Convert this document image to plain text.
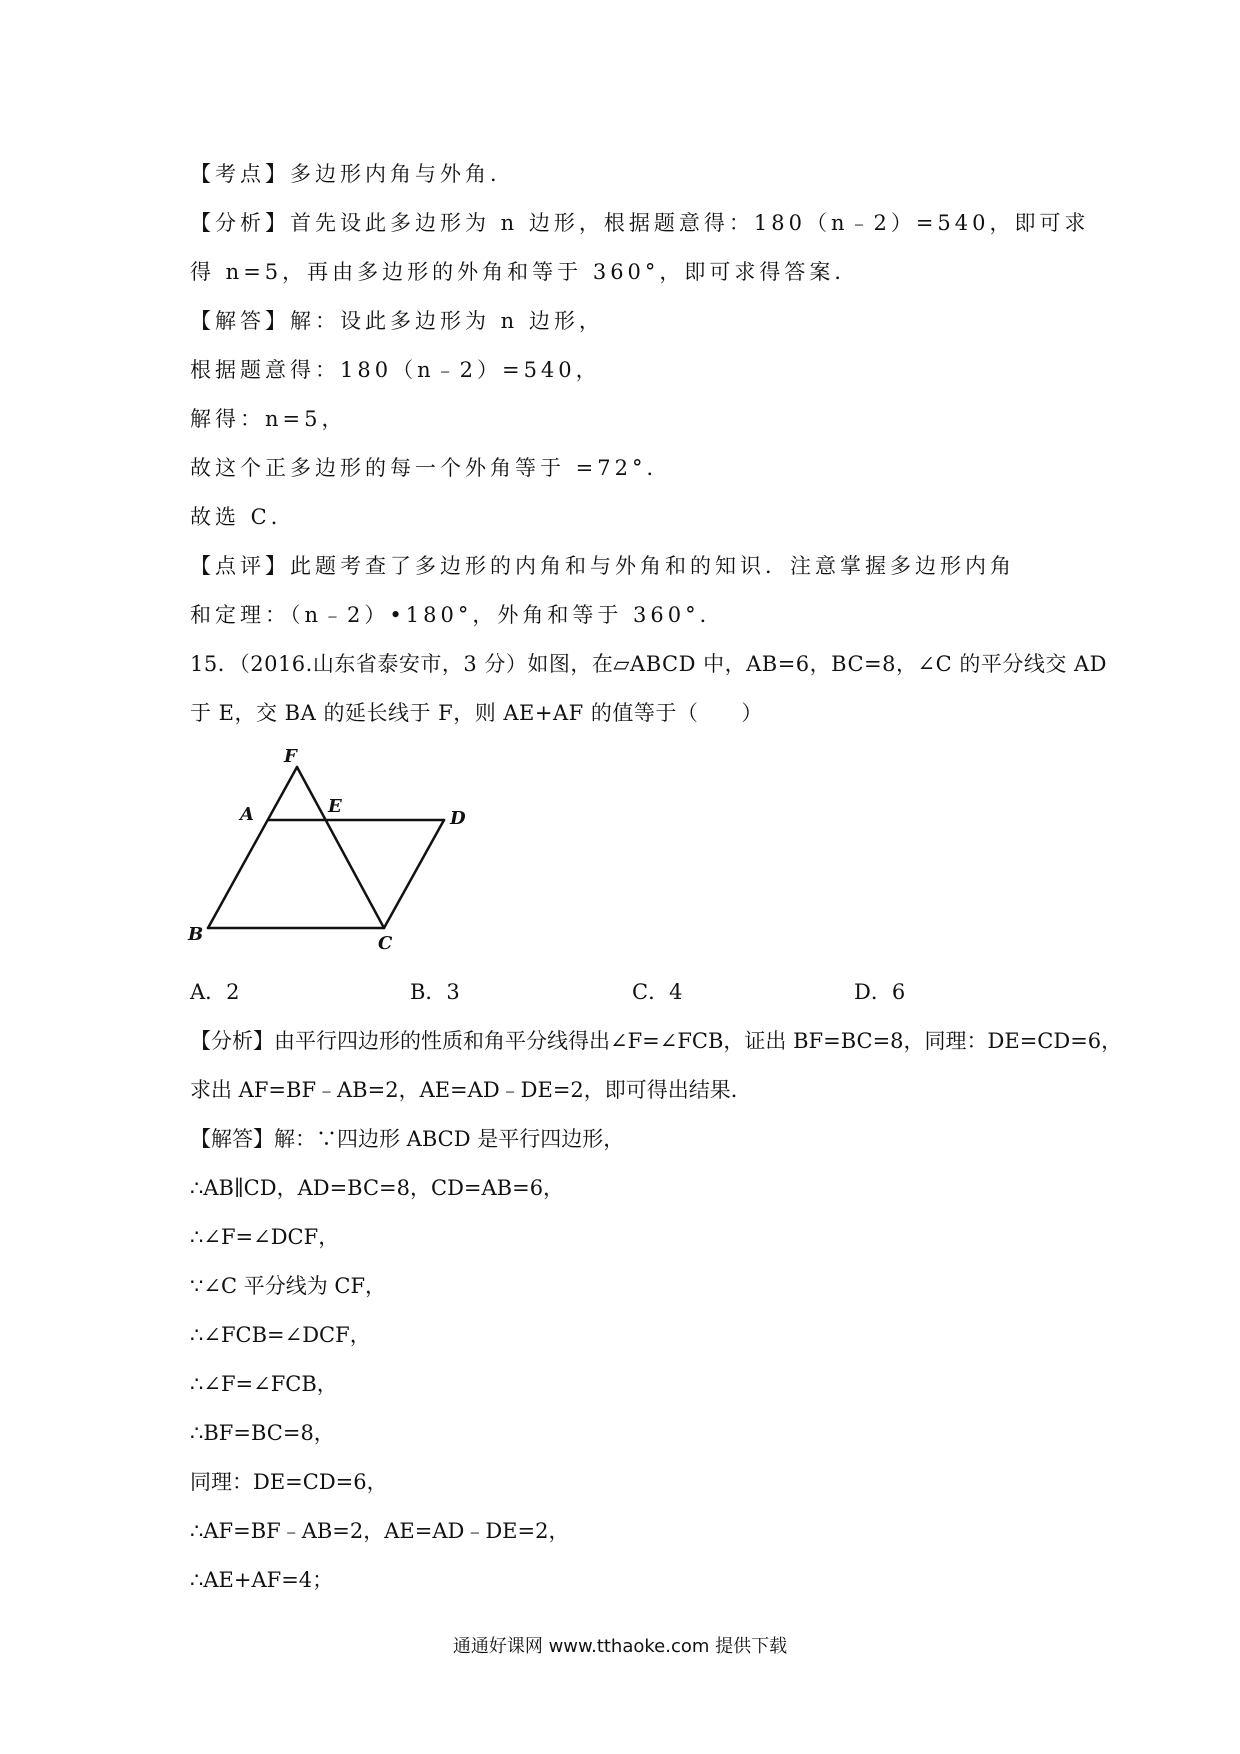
【考点】多边形内角与外角．
【分析】首先设此多边形为 n 边形，根据题意得：180（n﹣2）=540，即可求
得 n=5，再由多边形的外角和等于 360°，即可求得答案．
【解答】解：设此多边形为 n 边形，
根据题意得：180（n﹣2）=540，
解得：n=5，
故这个正多边形的每一个外角等于 =72°．
故选 C．
【点评】此题考查了多边形的内角和与外角和的知识．注意掌握多边形内角
和定理：（n﹣2）•180°，外角和等于 360°．
15．（2016.山东省泰安市，3 分）如图，在▱ABCD 中，AB=6，BC=8，∠C 的平分线交 AD
于 E，交 BA 的延长线于 F，则 AE+AF 的值等于（　　）
F
A	E
D
B	C
A．2	B．3	C．4	D．6
【分析】由平行四边形的性质和角平分线得出∠F=∠FCB，证出 BF=BC=8，同理：DE=CD=6，
求出 AF=BF﹣AB=2，AE=AD﹣DE=2，即可得出结果．
【解答】解：∵四边形 ABCD 是平行四边形，
∴AB∥CD，AD=BC=8，CD=AB=6，
∴∠F=∠DCF，
∵∠C 平分线为 CF，
∴∠FCB=∠DCF，
∴∠F=∠FCB，
∴BF=BC=8，
同理：DE=CD=6，
∴AF=BF﹣AB=2，AE=AD﹣DE=2，
∴AE+AF=4；
通通好课网 www.tthaoke.com 提供下载
